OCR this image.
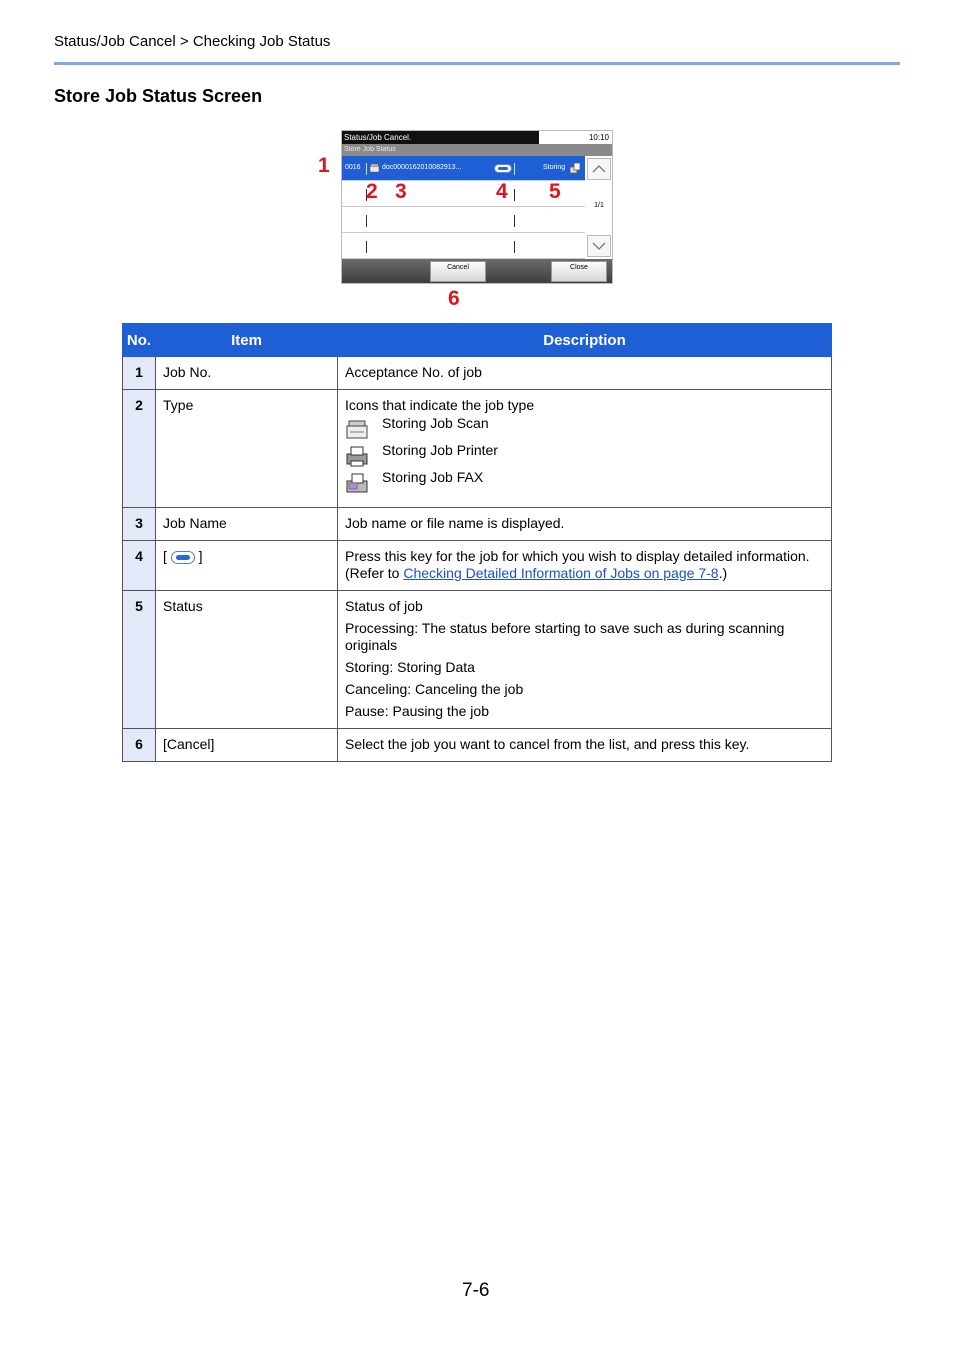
Status/Job Cancel > Checking Job Status
Store Job Status Screen
Status/Job Cancel.	10:10
Store Job Status
0016	doc0000162010082913...	Storing
1/1
Cancel	Close
1
2 3	4 5
6
No.	Item	Description
1	Job No.	Acceptance No. of job
2	Type	Icons that indicate the job type
Storing Job Scan
Storing Job Printer
Storing Job FAX

3	Job Name	Job name or file name is displayed.
4	[ ]	Press this key for the job for which you wish to display detailed information. (Refer to Checking Detailed Information of Jobs on page 7-8.)
5	Status	Status of job
Processing: The status before starting to save such as during scanning originals
Storing: Storing Data
Canceling: Canceling the job
Pause: Pausing the job

6	[Cancel]	Select the job you want to cancel from the list, and press this key.
7-6
